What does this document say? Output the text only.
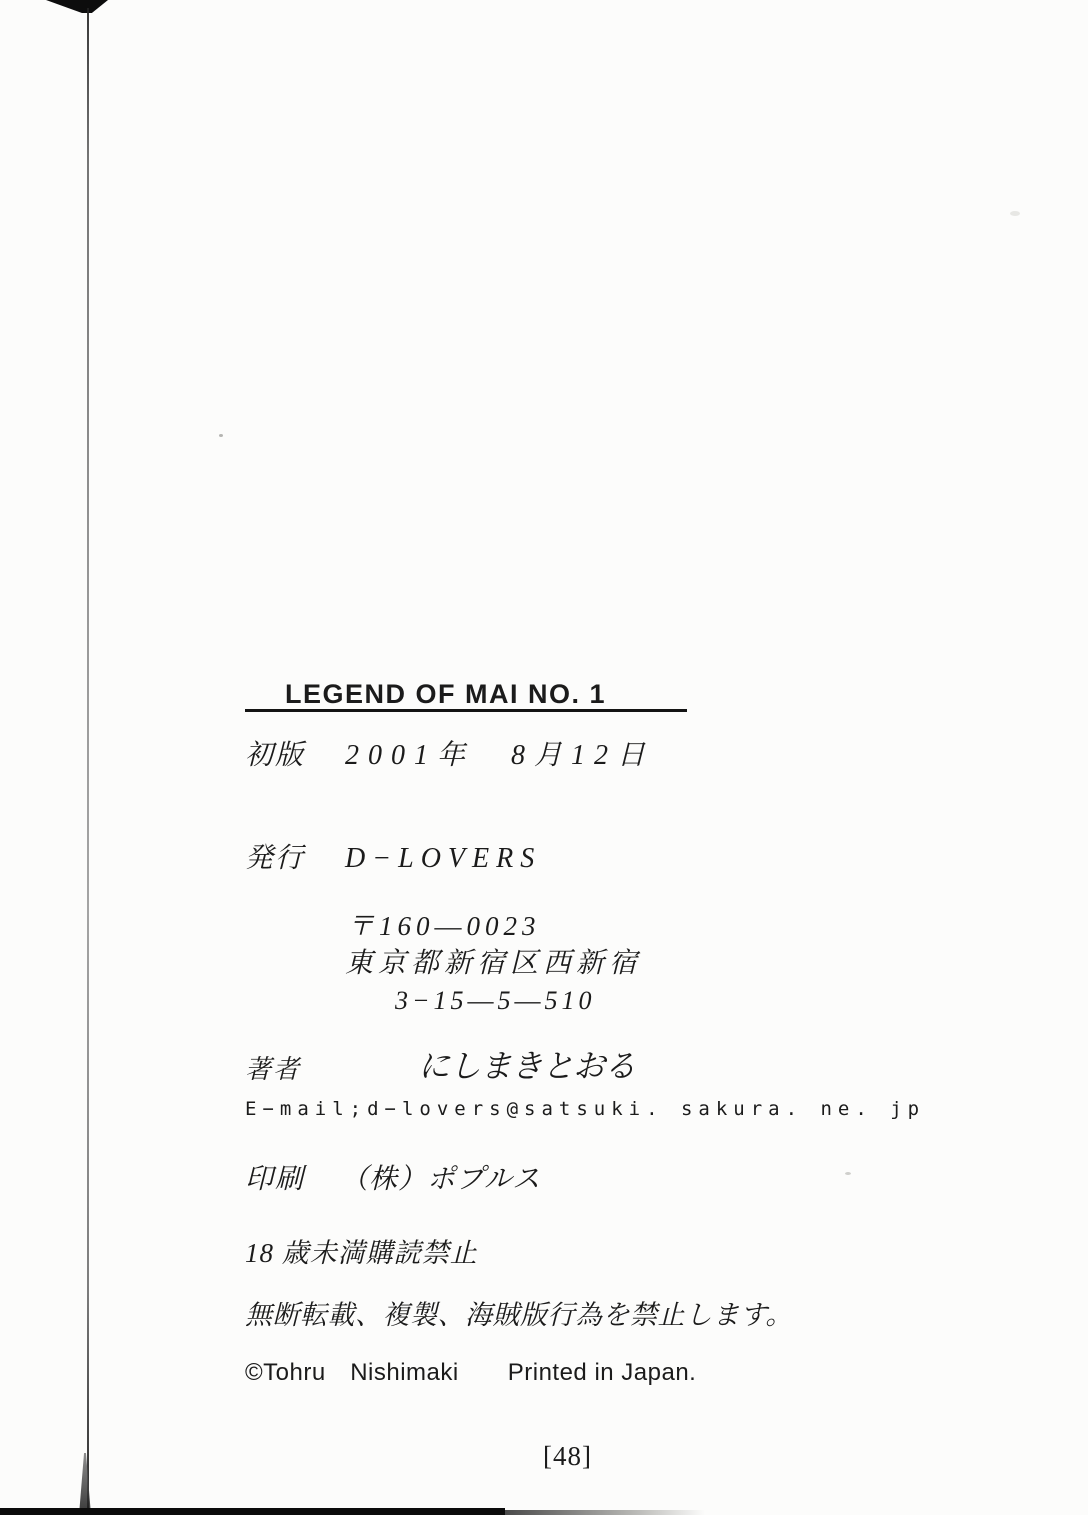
LEGEND OF MAI NO. 1
初版 2001年　8月12日
発行 D−LOVERS
〒160―0023
東京都新宿区西新宿
3−15―5―510
著者	にしまきとおる
E−mail;d−lovers@satsuki. sakura. ne. jp
印刷 （株）ポプルス
18 歳未満購読禁止
無断転載、複製、海賊版行為を禁止します。
©Tohru　Nishimaki　　Printed in Japan.
[48]
